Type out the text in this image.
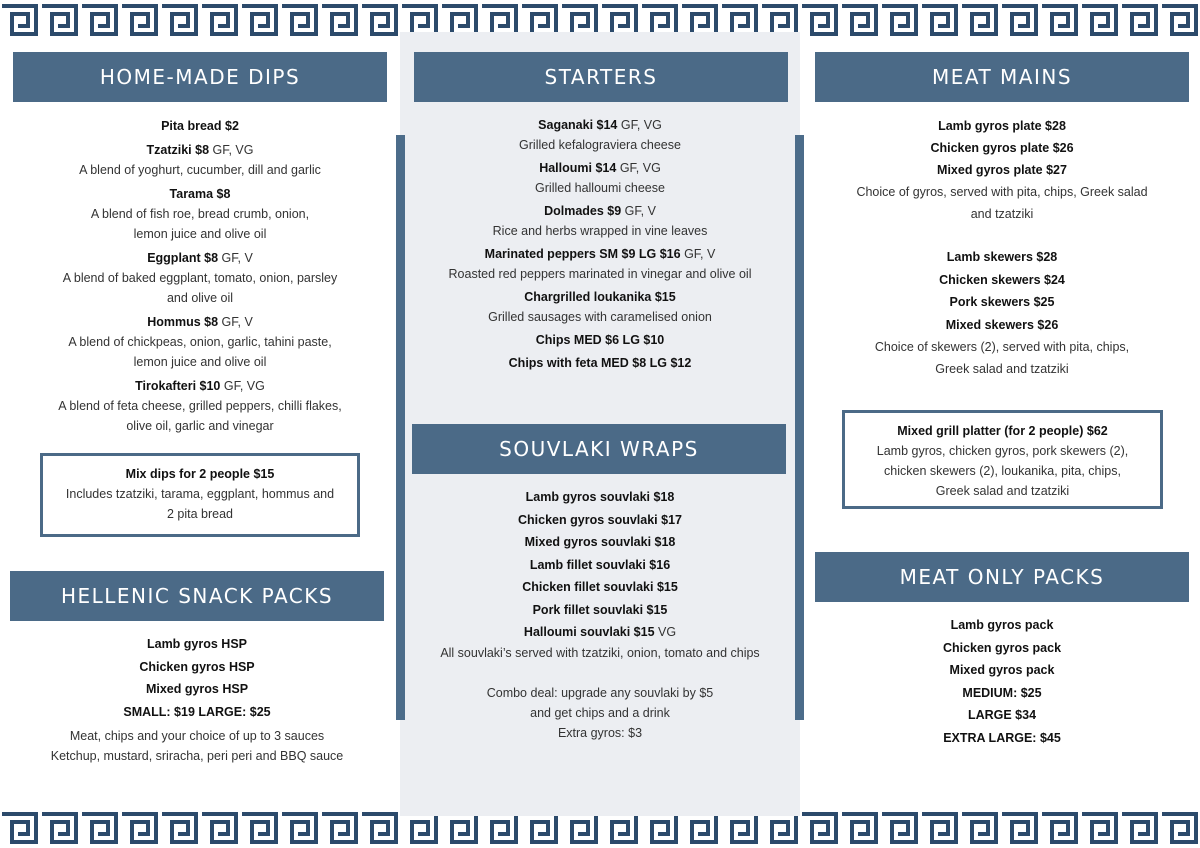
HOME-MADE DIPS
Pita bread $2
Tzatziki $8 GF, VG
A blend of yoghurt, cucumber, dill and garlic
Tarama $8
A blend of fish roe, bread crumb, onion,
lemon juice and olive oil
Eggplant $8 GF, V
A blend of baked eggplant, tomato, onion, parsley
and olive oil
Hommus $8 GF, V
A blend of chickpeas, onion, garlic, tahini paste,
lemon juice and olive oil
Tirokafteri $10 GF, VG
A blend of feta cheese, grilled peppers, chilli flakes,
olive oil, garlic and vinegar
Mix dips for 2 people $15
Includes tzatziki, tarama, eggplant, hommus and
2 pita bread
HELLENIC SNACK PACKS
Lamb gyros HSP
Chicken gyros HSP
Mixed gyros HSP
SMALL: $19 LARGE: $25
Meat, chips and your choice of up to 3 sauces
Ketchup, mustard, sriracha, peri peri and BBQ sauce
STARTERS
Saganaki $14 GF, VG
Grilled kefalograviera cheese
Halloumi $14 GF, VG
Grilled halloumi cheese
Dolmades $9 GF, V
Rice and herbs wrapped in vine leaves
Marinated peppers SM $9 LG $16 GF, V
Roasted red peppers marinated in vinegar and olive oil
Chargrilled loukanika $15
Grilled sausages with caramelised onion
Chips MED $6 LG $10
Chips with feta MED $8 LG $12
SOUVLAKI WRAPS
Lamb gyros souvlaki $18
Chicken gyros souvlaki $17
Mixed gyros souvlaki $18
Lamb fillet souvlaki $16
Chicken fillet souvlaki $15
Pork fillet souvlaki $15
Halloumi souvlaki $15 VG
All souvlaki’s served with tzatziki, onion, tomato and chips
Combo deal: upgrade any souvlaki by $5
and get chips and a drink
Extra gyros: $3
MEAT MAINS
Lamb gyros plate $28
Chicken gyros plate $26
Mixed gyros plate $27
Choice of gyros, served with pita, chips, Greek salad
and tzatziki
Lamb skewers $28
Chicken skewers $24
Pork skewers $25
Mixed skewers $26
Choice of skewers (2), served with pita, chips,
Greek salad and tzatziki
Mixed grill platter (for 2 people) $62
Lamb gyros, chicken gyros, pork skewers (2),
chicken skewers (2), loukanika, pita, chips,
Greek salad and tzatziki
MEAT ONLY PACKS
Lamb gyros pack
Chicken gyros pack
Mixed gyros pack
MEDIUM: $25
LARGE $34
EXTRA LARGE: $45
